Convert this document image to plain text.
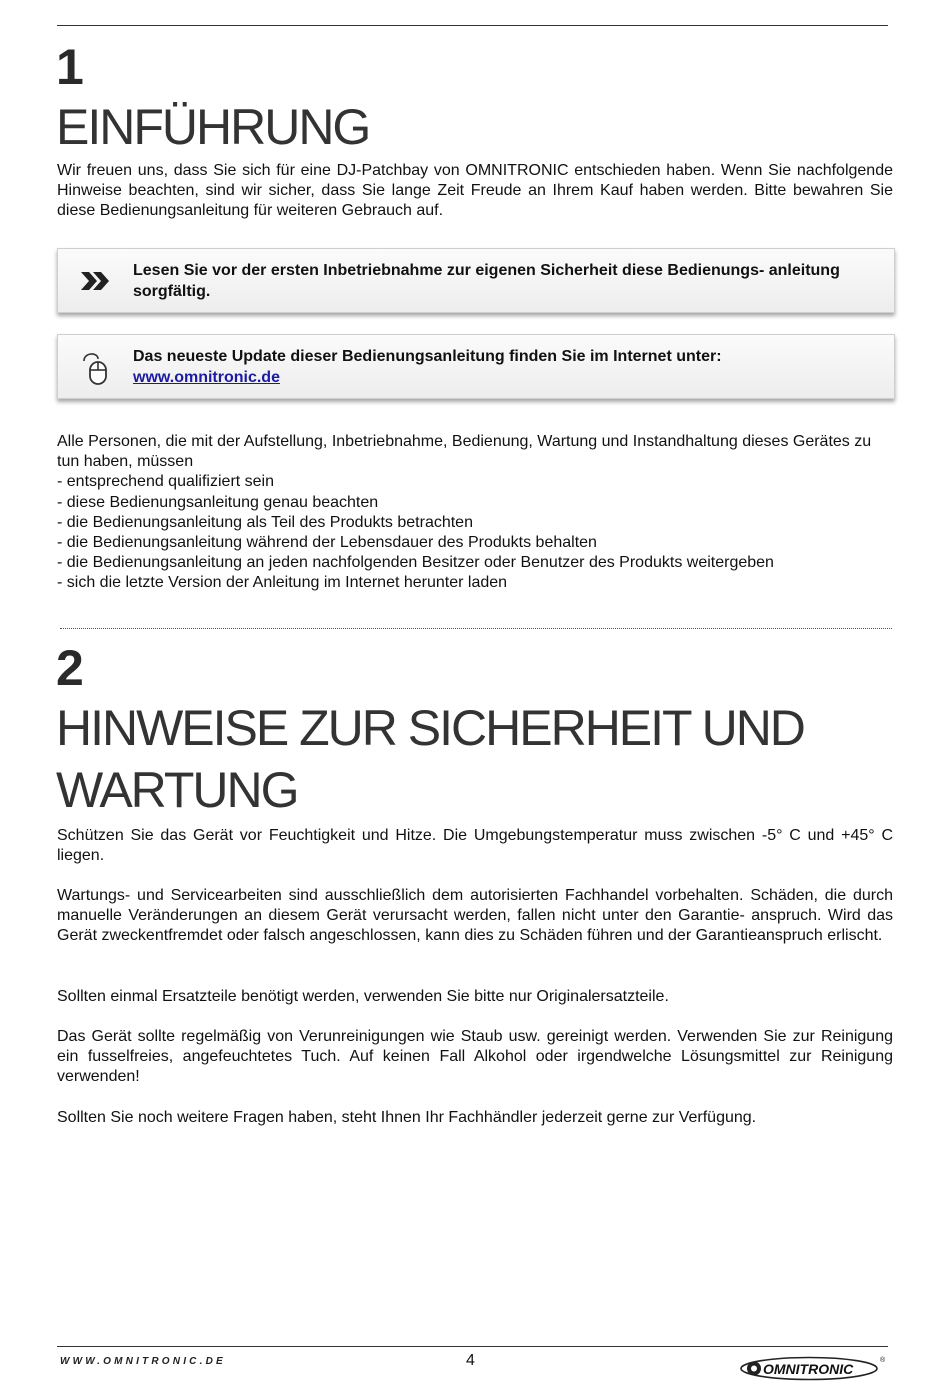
1
EINFÜHRUNG

Wir freuen uns, dass Sie sich für eine DJ-Patchbay von OMNITRONIC entschieden haben. Wenn Sie nachfolgende Hinweise beachten, sind wir sicher, dass Sie lange Zeit Freude an Ihrem Kauf haben werden. Bitte bewahren Sie diese Bedienungsanleitung für weiteren Gebrauch auf.

Lesen Sie vor der ersten Inbetriebnahme zur eigenen Sicherheit diese Bedienungs- anleitung sorgfältig.
Das neueste Update dieser Bedienungsanleitung finden Sie im Internet unter:
www.omnitronic.de

Alle Personen, die mit der Aufstellung, Inbetriebnahme, Bedienung, Wartung und Instandhaltung dieses Gerätes zu tun haben, müssen

- entsprechend qualifiziert sein
- diese Bedienungsanleitung genau beachten
- die Bedienungsanleitung als Teil des Produkts betrachten
- die Bedienungsanleitung während der Lebensdauer des Produkts behalten
- die Bedienungsanleitung an jeden nachfolgenden Besitzer oder Benutzer des Produkts weitergeben
- sich die letzte Version der Anleitung im Internet herunter laden
2
HINWEISE ZUR SICHERHEIT UND
WARTUNG

Schützen Sie das Gerät vor Feuchtigkeit und Hitze. Die Umgebungstemperatur muss zwischen -5° C und +45° C liegen.

Wartungs- und Servicearbeiten sind ausschließlich dem autorisierten Fachhandel vorbehalten. Schäden, die durch manuelle Veränderungen an diesem Gerät verursacht werden, fallen nicht unter den Garantie- anspruch. Wird das Gerät zweckentfremdet oder falsch angeschlossen, kann dies zu Schäden führen und der Garantieanspruch erlischt.

Sollten einmal Ersatzteile benötigt werden, verwenden Sie bitte nur Originalersatzteile.

Das Gerät sollte regelmäßig von Verunreinigungen wie Staub usw. gereinigt werden. Verwenden Sie zur Reinigung ein fusselfreies, angefeuchtetes Tuch. Auf keinen Fall Alkohol oder irgendwelche Lösungsmittel zur Reinigung verwenden!

Sollten Sie noch weitere Fragen haben, steht Ihnen Ihr Fachhändler jederzeit gerne zur Verfügung.

WWW.OMNITRONIC.DE	4	OMNITRONIC
®
